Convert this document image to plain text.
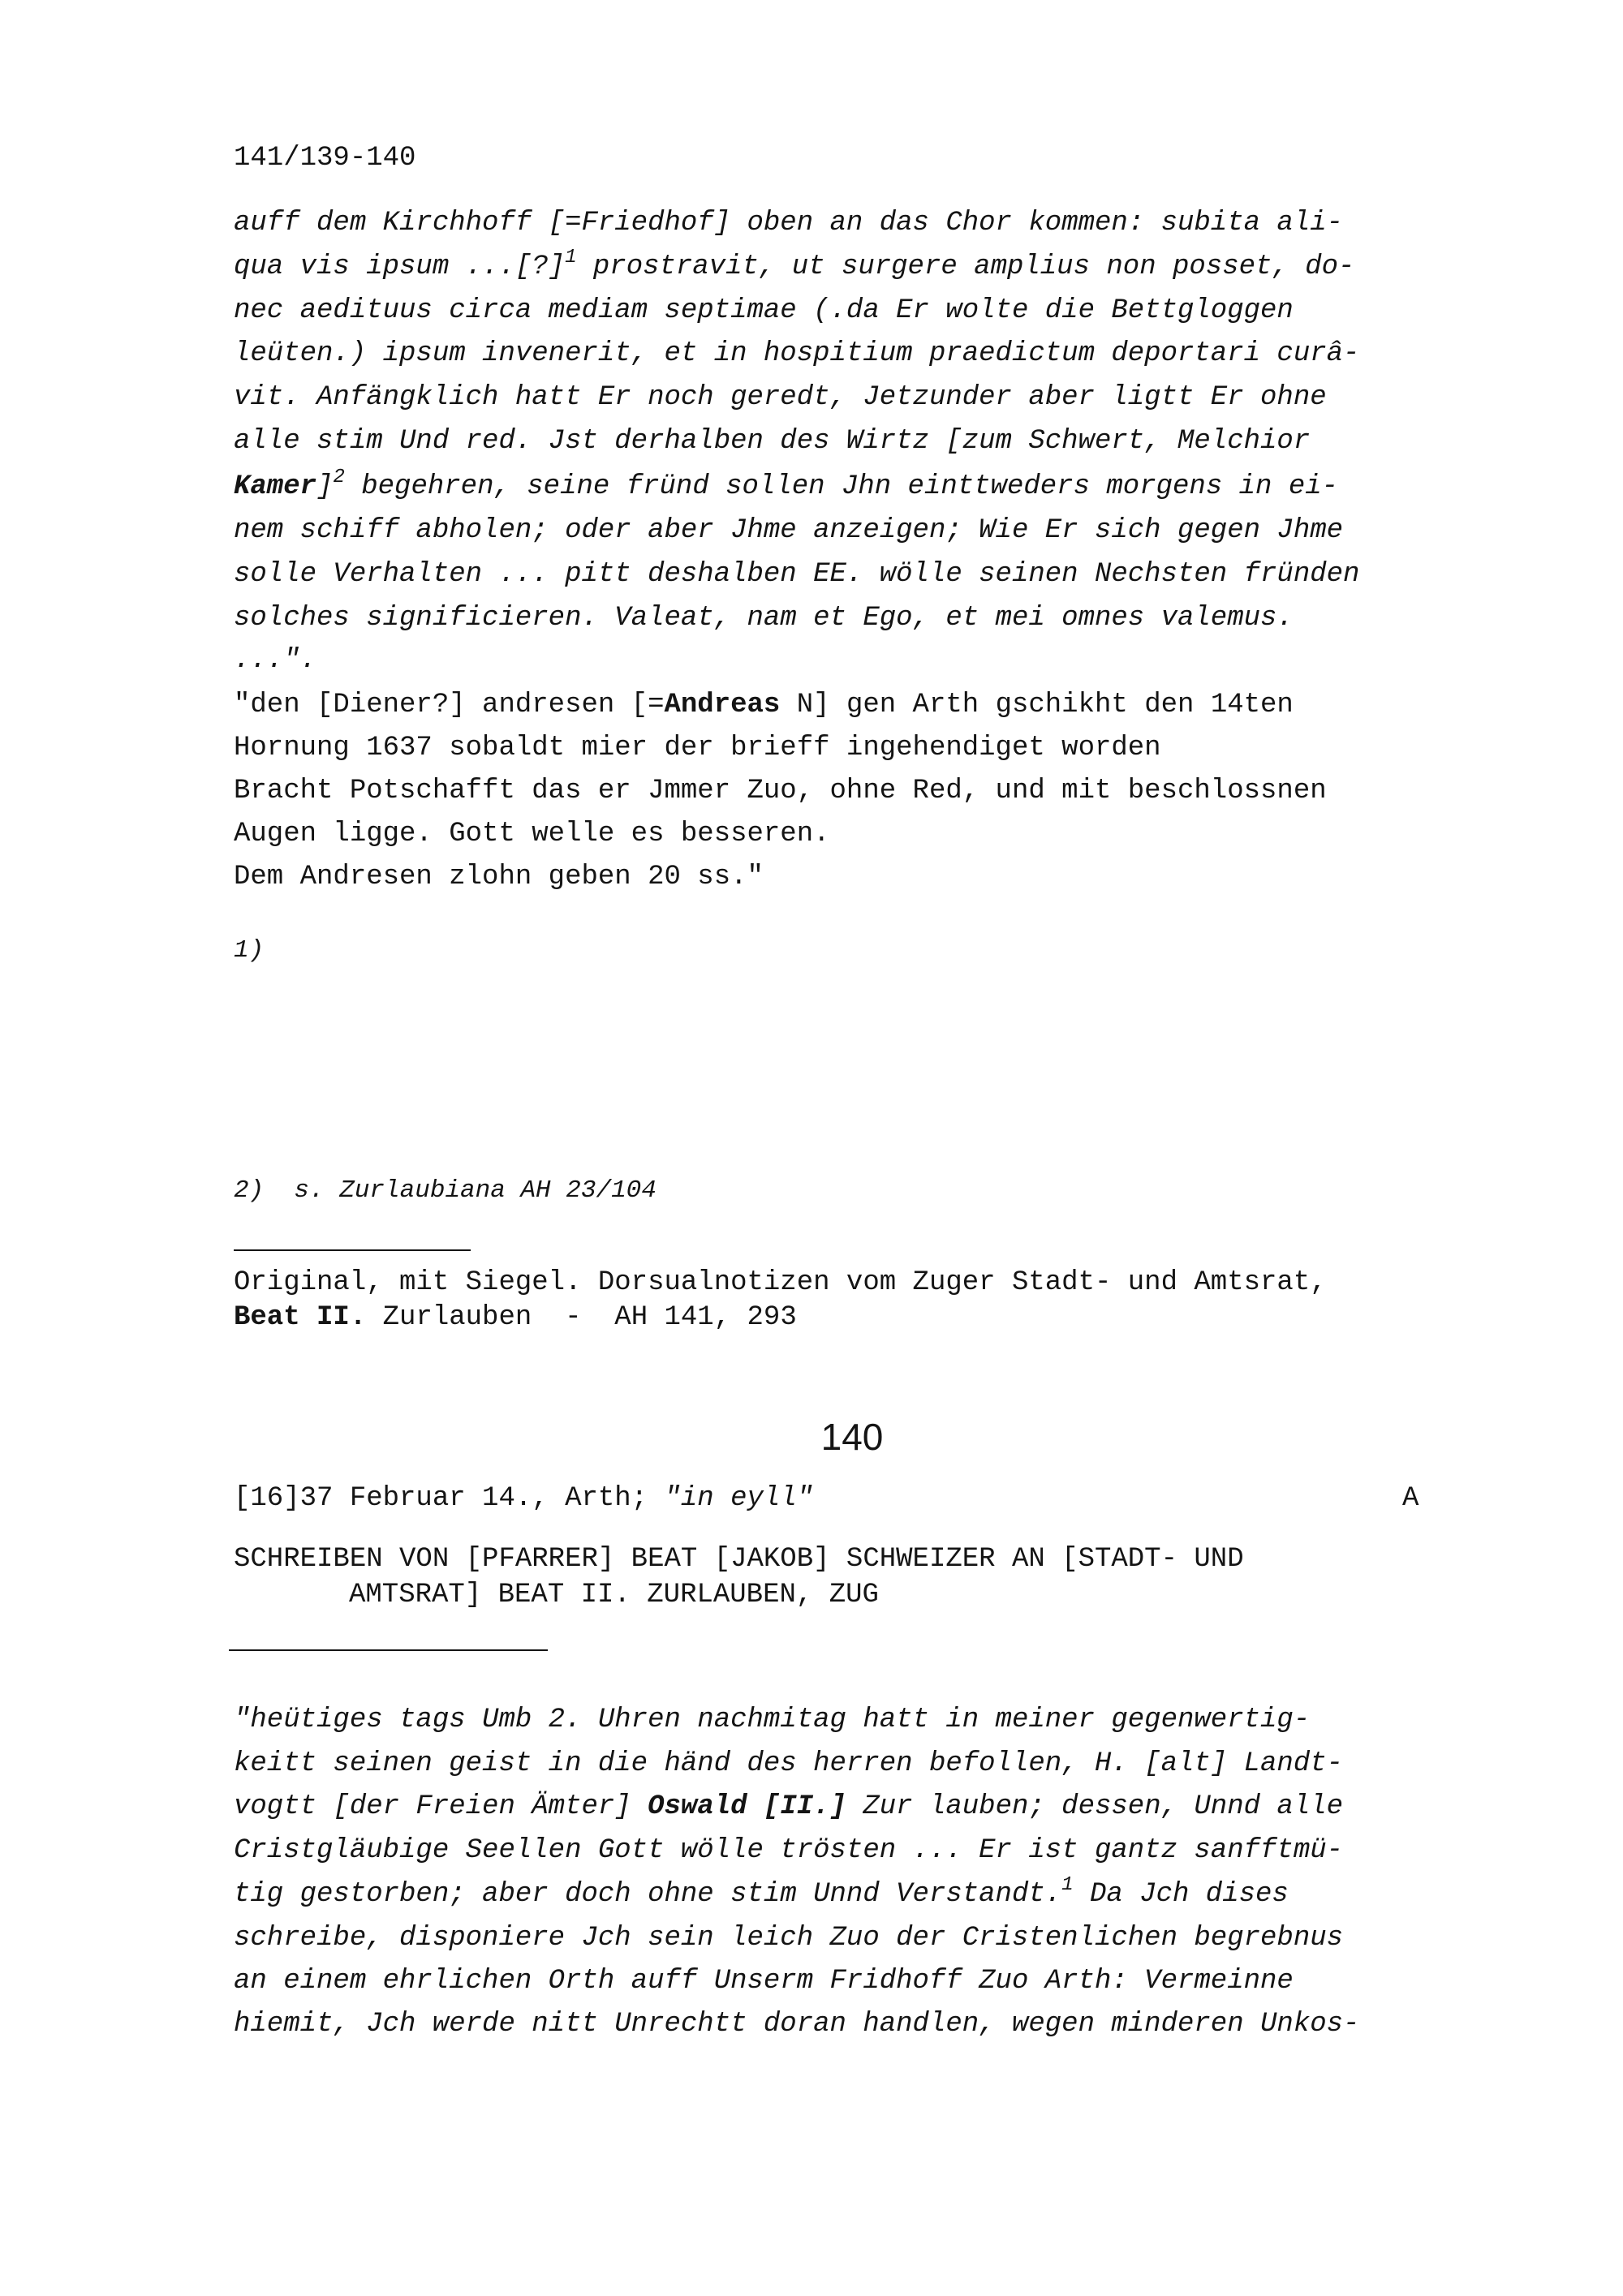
141/139-140
auff dem Kirchhoff [=Friedhof] oben an das Chor kommen: subita ali-
qua vis ipsum ...[?]$^1$ prostravit, ut surgere amplius non posset, do-
nec aedituus circa mediam septimae (.da Er wolte die Bettgloggen
leüten.) ipsum invenerit, et in hospitium praedictum deportari curâ-
vit. Anfängklich hatt Er noch geredt, Jetzunder aber ligtt Er ohne
alle stim Und red. Jst derhalben des Wirtz [zum Schwert, Melchior
Kamer]$^2$ begehren, seine fründ sollen Jhn einttweders morgens in ei-
nem schiff abholen; oder aber Jhme anzeigen; Wie Er sich gegen Jhme
solle Verhalten ... pitt deshalben EE. wölle seinen Nechsten fründen
solches significieren. Valeat, nam et Ego, et mei omnes valemus.
...".
"den [Diener?] andresen [=Andreas N] gen Arth gschikht den 14ten
Hornung 1637 sobaldt mier der brieff ingehendiget worden
Bracht Potschafft das er Jmmer Zuo, ohne Red, und mit beschlossnen
Augen ligge. Gott welle es besseren.
Dem Andresen zlohn geben 20 ss."
1)
2)  s. Zurlaubiana AH 23/104
Original, mit Siegel. Dorsualnotizen vom Zuger Stadt- und Amtsrat,
Beat II. Zurlauben  -  AH 141, 293
140
[16]37 Februar 14., Arth; "in eyll"	A
SCHREIBEN VON [PFARRER] BEAT [JAKOB] SCHWEIZER AN [STADT- UND
AMTSRAT] BEAT II. ZURLAUBEN, ZUG
"heütiges tags Umb 2. Uhren nachmitag hatt in meiner gegenwertig-
keitt seinen geist in die händ des herren befollen, H. [alt] Landt-
vogtt [der Freien Ämter] Oswald [II.] Zur lauben; dessen, Unnd alle
Cristgläubige Seellen Gott wölle trösten ... Er ist gantz sanfftmü-
tig gestorben; aber doch ohne stim Unnd Verstandt.$^1$ Da Jch dises
schreibe, disponiere Jch sein leich Zuo der Cristenlichen begrebnus
an einem ehrlichen Orth auff Unserm Fridhoff Zuo Arth: Vermeinne
hiemit, Jch werde nitt Unrechtt doran handlen, wegen minderen Unkos-
